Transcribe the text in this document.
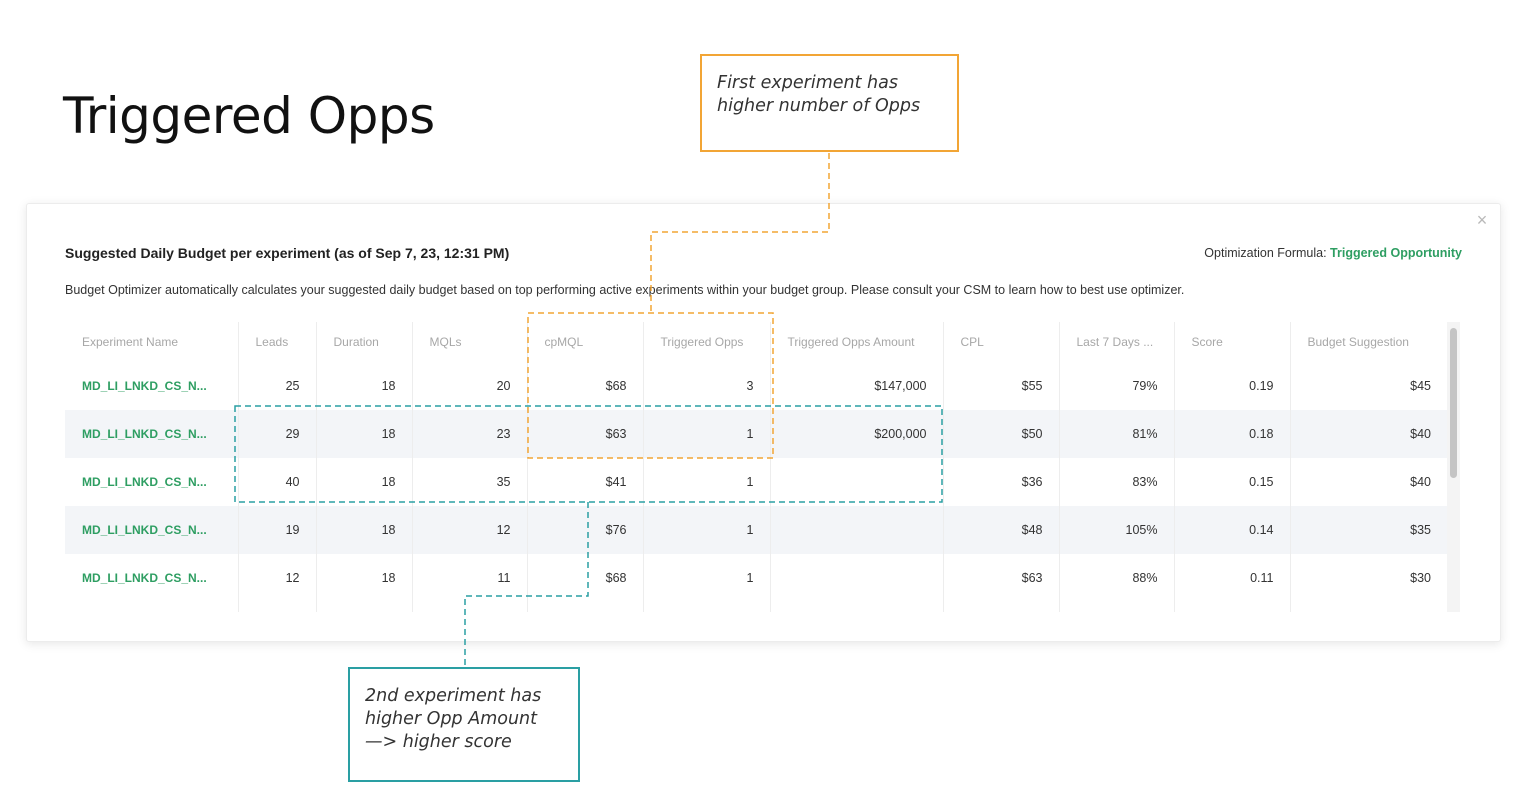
Triggered Opps
×
Suggested Daily Budget per experiment (as of Sep 7, 23, 12:31 PM)	Optimization Formula: Triggered Opportunity
Budget Optimizer automatically calculates your suggested daily budget based on top performing active experiments within your budget group. Please consult your CSM to learn how to best use optimizer.
Experiment Name	Leads	Duration	MQLs	cpMQL	Triggered Opps	Triggered Opps Amount	CPL	Last 7 Days ...	Score	Budget Suggestion
MD_LI_LNKD_CS_N...	25	18	20	$68	3	$147,000	$55	79%	0.19	$45
MD_LI_LNKD_CS_N...	29	18	23	$63	1	$200,000	$50	81%	0.18	$40
MD_LI_LNKD_CS_N...	40	18	35	$41	1		$36	83%	0.15	$40
MD_LI_LNKD_CS_N...	19	18	12	$76	1		$48	105%	0.14	$35
MD_LI_LNKD_CS_N...	12	18	11	$68	1		$63	88%	0.11	$30

First experiment has
higher number of Opps
2nd experiment has
higher Opp Amount
—> higher score
